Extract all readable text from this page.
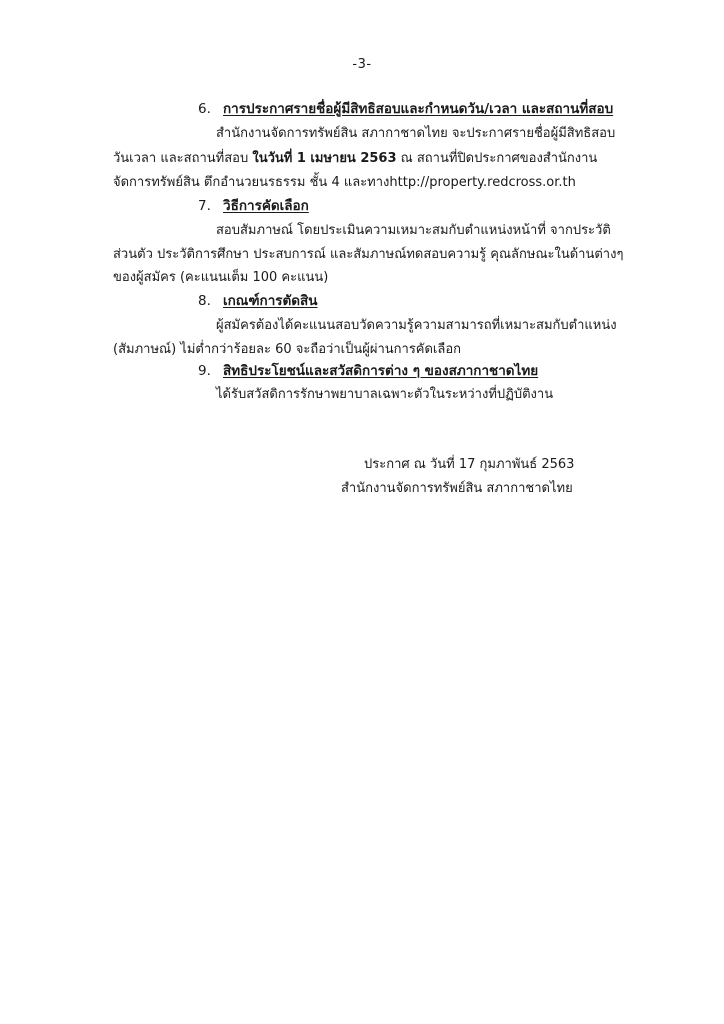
-3-
6. การประกาศรายชื่อผู้มีสิทธิสอบและกำหนดวัน/เวลา และสถานที่สอบ
สำนักงานจัดการทรัพย์สิน สภากาชาดไทย จะประกาศรายชื่อผู้มีสิทธิสอบ
วันเวลา และสถานที่สอบ ในวันที่ 1 เมษายน 2563 ณ สถานที่ปิดประกาศของสำนักงาน
จัดการทรัพย์สิน ตึกอำนวยนรธรรม ชั้น 4 และทางhttp://property.redcross.or.th
7. วิธีการคัดเลือก
สอบสัมภาษณ์ โดยประเมินความเหมาะสมกับตำแหน่งหน้าที่ จากประวัติ
ส่วนตัว ประวัติการศึกษา ประสบการณ์ และสัมภาษณ์ทดสอบความรู้ คุณลักษณะในด้านต่างๆ
ของผู้สมัคร (คะแนนเต็ม 100 คะแนน)
8. เกณฑ์การตัดสิน
ผู้สมัครต้องได้คะแนนสอบวัดความรู้ความสามารถที่เหมาะสมกับตำแหน่ง
(สัมภาษณ์) ไม่ต่ำกว่าร้อยละ 60 จะถือว่าเป็นผู้ผ่านการคัดเลือก
9. สิทธิประโยชน์และสวัสดิการต่าง ๆ ของสภากาชาดไทย
ได้รับสวัสดิการรักษาพยาบาลเฉพาะตัวในระหว่างที่ปฏิบัติงาน
ประกาศ ณ วันที่ 17 กุมภาพันธ์ 2563
สำนักงานจัดการทรัพย์สิน สภากาชาดไทย
